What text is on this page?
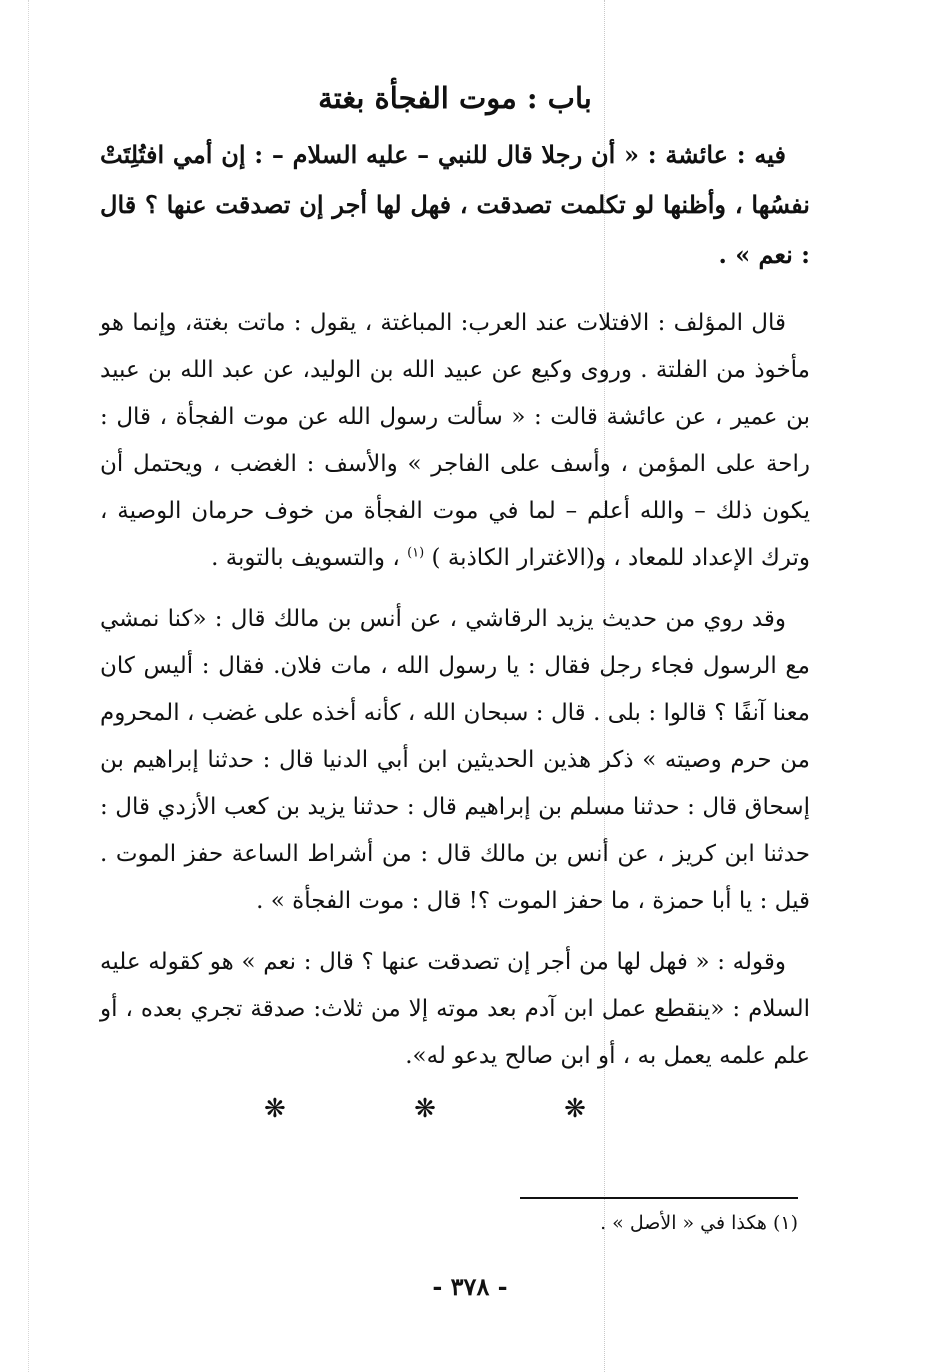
باب : موت الفجأة بغتة

فيه : عائشة : « أن رجلا قال للنبي – عليه السلام – : إن أمي افتُلِتَتْ نفسُها ، وأظنها لو تكلمت تصدقت ، فهل لها أجر إن تصدقت عنها ؟ قال : نعم » .

قال المؤلف : الافتلات عند العرب: المباغتة ، يقول : ماتت بغتة، وإنما هو مأخوذ من الفلتة . وروى وكيع عن عبيد الله بن الوليد، عن عبد الله بن عبيد بن عمير ، عن عائشة قالت : « سألت رسول الله عن موت الفجأة ، قال : راحة على المؤمن ، وأسف على الفاجر » والأسف : الغضب ، ويحتمل أن يكون ذلك – والله أعلم – لما في موت الفجأة من خوف حرمان الوصية ، وترك الإعداد للمعاد ، و(الاغترار الكاذبة ) $^{(١)}$ ، والتسويف بالتوبة .

وقد روي من حديث يزيد الرقاشي ، عن أنس بن مالك قال : «كنا نمشي مع الرسول فجاء رجل فقال : يا رسول الله ، مات فلان. فقال : أليس كان معنا آنفًا ؟ قالوا : بلى . قال : سبحان الله ، كأنه أخذه على غضب ، المحروم من حرم وصيته » ذكر هذين الحديثين ابن أبي الدنيا قال : حدثنا إبراهيم بن إسحاق قال : حدثنا مسلم بن إبراهيم قال : حدثنا يزيد بن كعب الأزدي قال : حدثنا ابن كريز ، عن أنس بن مالك قال : من أشراط الساعة حفز الموت . قيل : يا أبا حمزة ، ما حفز الموت ؟! قال : موت الفجأة » .

وقوله : « فهل لها من أجر إن تصدقت عنها ؟ قال : نعم » هو كقوله عليه السلام : «ينقطع عمل ابن آدم بعد موته إلا من ثلاث: صدقة تجري بعده ، أو علم علمه يعمل به ، أو ابن صالح يدعو له».

❋ ❋ ❋
(١) هكذا في « الأصل » .
- ٣٧٨ -
